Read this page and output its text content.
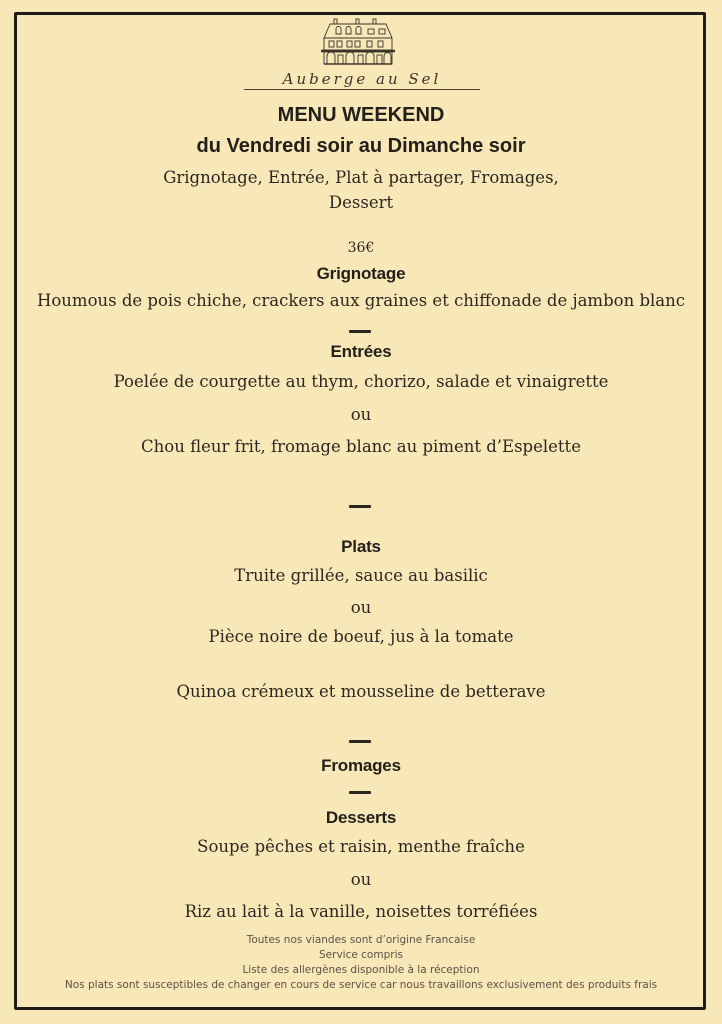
Auberge au Sel
MENU WEEKEND
du Vendredi soir au Dimanche soir
Grignotage, Entrée, Plat à partager, Fromages,
Dessert
36€
Grignotage
Houmous de pois chiche, crackers aux graines et chiffonade de jambon blanc
Entrées
Poelée de courgette au thym, chorizo, salade et vinaigrette
ou
Chou fleur frit, fromage blanc au piment d’Espelette
Plats
Truite grillée, sauce au basilic
ou
Pièce noire de boeuf, jus à la tomate
Quinoa crémeux et mousseline de betterave
Fromages
Desserts
Soupe pêches et raisin, menthe fraîche
ou
Riz au lait à la vanille, noisettes torréfiées
Toutes nos viandes sont d’origine Francaise
Service compris
Liste des allergènes disponible à la réception
Nos plats sont susceptibles de changer en cours de service car nous travaillons exclusivement des produits frais
